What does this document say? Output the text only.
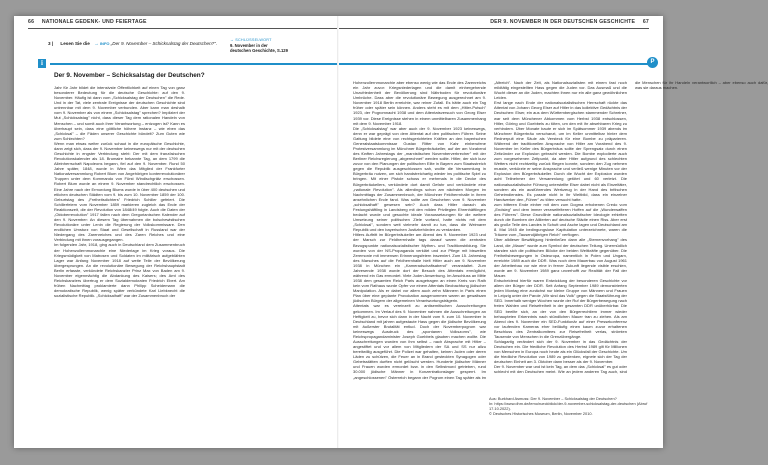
66 NATIONALE GEDENK- UND FEIERTAGE
3 | Lesen Sie die → INFO „Der 9. November – Schicksalstag der Deutschen?".
→ SCHLÜSSELWORT
9. November in der
deutschen Geschichte, S.129
i
Der 9. November – Schicksalstag der Deutschen?

Jahr für Jahr bildet die intensivste Öffentlichkeit auf einen Tag von ganz besonderer Bedeutung für die deutsche Geschichte: auf den 9. November. Häufig ist dann vom „Schicksalstag der Deutschen" die Rede. Und in der Tat, viele zentrale Ereignisse der deutschen Geschichte sind untrennbar mit dem 9. November verbunden. Aber kann man deshalb vom 9. November als von einem „Schicksalstag" sprechen? Impliziert der Mut „Schicksalstag" nicht, dass dieser Tag dem rationalen Handeln von Menschen – und somit auch ihrer Verantwortung – entzogen ist? Kann es überhaupt sein, dass eine göttliche höhere Instanz – wie eben das „Schicksal" – die Fäden unserer Geschichte bündelt? Zum Guten wie zum Schlechten?

Wenn man etwas weiter zurück schaut in die europäische Geschichte, dann zeigt sich, dass der 9. November keineswegs nur mit der deutschen Geschichte in engster Verbindung steht: Der mit dem französischen Revolutionskalender als 18. Brumaire bekannte Tag, an dem 1799 die Alleinherrschaft Napoleons begann, fiel auf den 9. November. Rund 50 Jahre später, 1848, wurde in Wien das Mitglied der Frankfurter Nationalversammlung Robert Blum von Angehörigen konterrevolutionärer Truppen unter dem Kommando von Fürst Windischgrätz erschossen. Robert Blum wurde an einem 9. November standrechtlich erschossen. Eine Jahre nach der Ermordung Blums wurde in über 400 deutschen und etlichen deutschen Städten vom 9. bis zum 10. November 1859 der 100. Geburtstag des „Freiheitsdichters" Friedrich Schiller gefeiert. Die Schillerfeiern vom November 1859 markieren zugleich das Ende der Reaktionszeit, die der Revolution von 1848/49 folgte. Auch die Daten der „Oktoberrevolution" 1917 fallen nach dem Gregorianischen Kalender auf den 9. November: An diesem Tag übernahmen die bolschewistischen Revolutionäre unter Lenin die Regierung der Volkskommissare. Den endlichen Umsturz von Staat und Gesellschaft in Russland war der Niedergang des Zarenreiches und des Zaren Reiches und eine Verbindung mit ihnen vorausgegangen.

Im folgenden Jahr, 1918, ging auch in Deutschland dem Zusammenbruch der Hohenzollernmonarchie eine Niederlage im Krieg voraus. Die Kriegsmüdigkeit von Matrosen und Soldaten im militärisch aufgeblähten Lager war Anfang November 1918 auf weite Teile der Bevölkerung übergesprungen. An die revolutionäre Bewegung der Reichshauptstadt Berlin erfasste, verkündete Reichskanzler Prinz Max von Baden am 9. November eigenmächtig die Abdankung des Kaisers; des Amt des Reichskanzlers übertrug er dem Sozialdemokraten Friedrich Ebert. Am frühen Nachmittag proklamierte dann Philipp Scheidemann die demokratische Republik, wenig später verkündete Karl Liebknecht die sozialistische Republik. „Schicksalhaft" war der Zusammenbruch der

DER 9. NOVEMBER IN DER DEUTSCHEN GESCHICHTE 67
P

Hohenzollernmonarchie aber ebenso wenig wie das Ende des Zarenreichs ein Jahr zuvor: Kriegsniederlagen und die damit einhergehende Unzufriedenheit der Bevölkerung sind Nährboden für revolutionäre Umbrüche. Dass aber die revolutionäre Bewegung ausgerechnet am 9. November 1918 Berlin erreichte, war reiner Zufall. Es hätte auch ein Tag früher oder später sein können. Anders steht es mit dem „Hitler-Putsch" 1923, der Pogromnacht 1938 und dem Attentatsversuch von Georg Elser 1939 vor. Diese Ereignisse stehen in einem unmittelbaren Zusammenhang mit dem 9. November 1918.

Die „Schicksalstag" war aber auch der 9. November 1923 keineswegs, denn er war geprägt von dem Attentat auf den politischen Führer. Seine Gattung bildete eine von rechtsgerichteten Kräften an den bayerischen Generalstaatskommissar Gustav Ritter von Kahr einberufene Protestversammlung im Münchner Bürgerbräukeller, auf der am Vorabend des fünften Jahrestags der „marxistischen Novemberverbrecher" mit der Berliner Reichsregierung „abgerechnet" werden sollte. Hitler, der sich kurz zuvor von den Planungen der politischen Elite in Bayern zum Staatsstreich gegen die Republik ausgeschlossen sah, wollte die Versammlung in Bürgerbräu nutzen, um sich handstreichartig wieder ins politische Spiel zu bringen. Mit einer Pistole schoss er mehrmals in die Decke des Bürgerbräukellers, verkündete dort damit Gefahr und verkündete eine „nationale Revolution". Als allerdings schon am nächsten Morgen im Nachmittags der Zusammenbruch, der Münchner Feldherrnhalle in ihrem ansehnlichen Ende fand. Was sollte am Geschehen vom 9. November „schicksalhaft" gewesen sein? Auch dass Hitler danach als Festungshäftling in Landsberg mit den milden Privilegien Ehrenhäftlingen bedacht wurde und gesuchte ideale Voraussetzungen für die weitere Umsetzung seiner politischen Ziele vorfand, hatte nichts mit dem „Schicksal", sondern weit vielmehr damit zu tun, dass die Weimarer Republik und den bayerischen Justizbehörden zu verdanken.

Hitlers Auftritt im Bürgerbräukeller am Abend des 9. November 1923 und der Marsch zur Feldherrnhalle tags darauf waren die zentralen Bezugspunkte nationalsozialistischer Mythen- und Traditionsbildung. Sie wurden von der NS-Propaganda verklärt und zur Pflege mit bisweilen Zeremonie mit immensen Erinnerungsfeiern inszeniert. Zum 15. Jahrestag des Marsches auf die Feldherrnhalle hielt Hitler auch am 9. November 1938 in München ein „Kameradschaftsabend" veranstaltet. Zum Jahresende 1938 wurde dort der Besuch des Attentats ermöglicht, während ein Gas ermordet. Viele Juden Anwerbung. Im Anschluss an Mitte 1938 dem gesamten Reich Paris ausgetragen an einen Kreis von Rath kein vom Rathaus wurde Opfer vor einem Attentats Beobachtung jüdischer Manipulation. Als er dabei vor allem auch zehn Männern in Paris einen Plan über eine geplante Provokation ausgenommen waren an gewaltsam jüdischen Bürgern der allgemeinen Verantwortungsträgerin.

Attentats war es vereinzelt zu antisemitischen Ausschreitungen gekommen. Im Verlauf des 9. November nahmen die Ausschreitungen an Heftigkeit zu, bevor sich dann in der Nacht vom 9. zum 10. November in Deutschland mit jahren aufgestaute Hass gegen die jüdische Bevölkerung mit äußerster Brutalität entlud. Doch der Novemberpogrom war keineswegs Ausdruck des „spontanen Volkszorns", wie Reichspropagandaminister Joseph Goebbels glauben machen wollte. Die Ausschreitungen wurden von ihm selbst – nach Absprache mit Hitler – angestiftet und vor allem von Mitgliedern der SA und SS nur allzu bereitwillig ausgeführt. Die Polizei war gehalten, keinen Juden oder deren Läden zu schützen, die Feuer an in Brand gesteckten Synagogen oder Gebetsstätten durften nicht gelöscht werden. Hunderte jüdischer Männer und Frauen wurden ermordet bzw. in den Selbstmord getrieben, rund 30.000 jüdische Männer in Konzentrationslager gesperrt. Im „angeschlossenen" Österreich begann der Pogrom einen Tag später als im „Altreich". Nach der Zeit, als Nationalsozialisten mit einem fast noch mildtätig eingestellten Hass gegen die Juden vor. Das Ausmaß und die Wucht dieser an die Juden, machten ihnen nur ein alle ganz gewöhnlichen Leiden.

Erst lange nach Ende der nationalsozialistischen Herrschaft rückte das Attentat von Johann Georg Elser auf Hitler in das kollektive Gedächtnis der Deutschen: Elser, ein aus dem Württembergischen stammender Schreiner, war seit dem Münchener Abkommen vom Herbst 1938 entschlossen, Hitler, Göring und Goebbels zu töten, um den mit ihr absehbaren Krieg zu verhindern. Über Monate baute er sich im Spätsommer 1939 abends im Münchner Bürgerbräu verschanzt, um im Keller unmittelbar hinter dem Rednerpult eine Säule als Versteck für eine Bombe zu präparieren. Während der traditionellen Ansprache von Hitler am Vorabend des 9. November im Keller des Bürgerbräus sollte der Sprengsatz durch einen Zeitzünder zur Explosion gebracht werden. Die Bombe explodierte auch zum vorgesehenen Zeitpunkt, da aber Hitler aufgrund des schlechten Wetters nicht rechtzeitig zurück fliegen konnte, sondern den Zug nehmen musste, verkürzte er seine Ansprache und verließ wenige Minuten vor der Explosion den Bürgerbräukeller. Durch die Wucht der Explosion wurden acht Teilnehmer der Versammlung getötet und 60 verletzt. Die nationalsozialistische Führung unterstellte Elser dabei nicht als Einzeltäter, sondern als ein ausführendes Werkzeug in der Hand des britischen Geheimdienstes. Es passte nicht in ihr Weltbild, dass ein einzelner Handwerker den „Führer" zu töten versucht hatte.

zum bitteren Ende einher mit dem zum Dogma erhobenen Credo vom „Endsieg" und dem immer verzweifelteren Hoffen auf die „Wunderwaffen des Führers". Diese Grundlinie nationalsozialistischer Ideologie erhielten durch die Bomben der Alliierten auf deutsche Städte einen Riss. Aber erst als große Teile des Landes in Schutt und Asche lagen und Deutschland am 8. Mai 1945 die bedingungslose Kapitulation unterzeichnete, waren die Träume vom „Tausendjährigen Reich" verflogen.

Über alldieser Bewältigung hinterließen dann alle „Sternenvorhang" des Land, die „Mauer" wurde zum Symbol der deutschen Teilung. Unermüdlich standen sich die politischen Blöcke der beiden Weltkräfte gegenüber. Die Freiheitsbewegungen in Osteuropa, namentlich in Polen und Ungarn, erreichte 1989 auch die DDR. Was noch dem Mauerbau von August 1961 der Arbeiterbau vor wie eine in ferner Zukunft liegende visible erschien, wurde am 9. November 1989 ganz unverhofft zur Realität: der Fall der Mauer.

Entscheidend hierfür waren Entwicklung der besonderen Geschichte vor allem der Bürger der DDR. Seit Anfang September 1989 demonstrierten jeden Montag eine zunächst nur kleine Gruppe von Männern und Frauen in Leipzig unter der Parole „Wir sind das Volk" gegen die Staatsführung der SED. Innerhalb weniger Wochen wurde der Ruf der Bürgerbewegung nach freien Wahlen und Reisefreiheit in der gesamten DDR unüberhörbar. Die SED beeilte sich, an der von den Bürgerrechtlern immer wieder behaupteten Erkenntnis nach stündlichen Mauer tran zu ziehen. Als am Abend des 9. November ein SED-Funktionär auf einer Pressekonferenz vor laufenden Kameras eher beiläufig einen kaum zuvor erhaltenen Beschluss des Zentralkomitees zur Reisefreiheit verlas, strömten Tausende von Menschen in die Grenzübergänge.

Schlagartig verändert sich der 9. November in das Gedächtnis der Deutschen ein. Die friedliche Revolution des Herbst 1989 gilt für Millionen von Menschen in Europa noch heute als ein Glücksfall der Geschichte. Um die friedliche Revolution von 1989 zu gedenken, eignete sich der Tag der deutschen Einheit am 3. Oktober dann besser als der 9. November.

Der 9. November war und ist kein Tag, an dem das „Schicksal" es gut oder schlecht mit den Deutschen meint. Wie an jedem anderen Tag auch, sind die Menschen für ihr Handeln verantwortlich – aber ebenso auch dafür, was sie daraus machen.

Aus: Burkhard Asmuss: Der 9. November – Schicksalstag der Deutschen?
In: https://www.dhm.de/lemo/rueckblick/der-9-november-schicksalstag-der-deutschen (Abruf 17.10.2022).
© Deutsches Historisches Museum, Berlin, November 2010.
